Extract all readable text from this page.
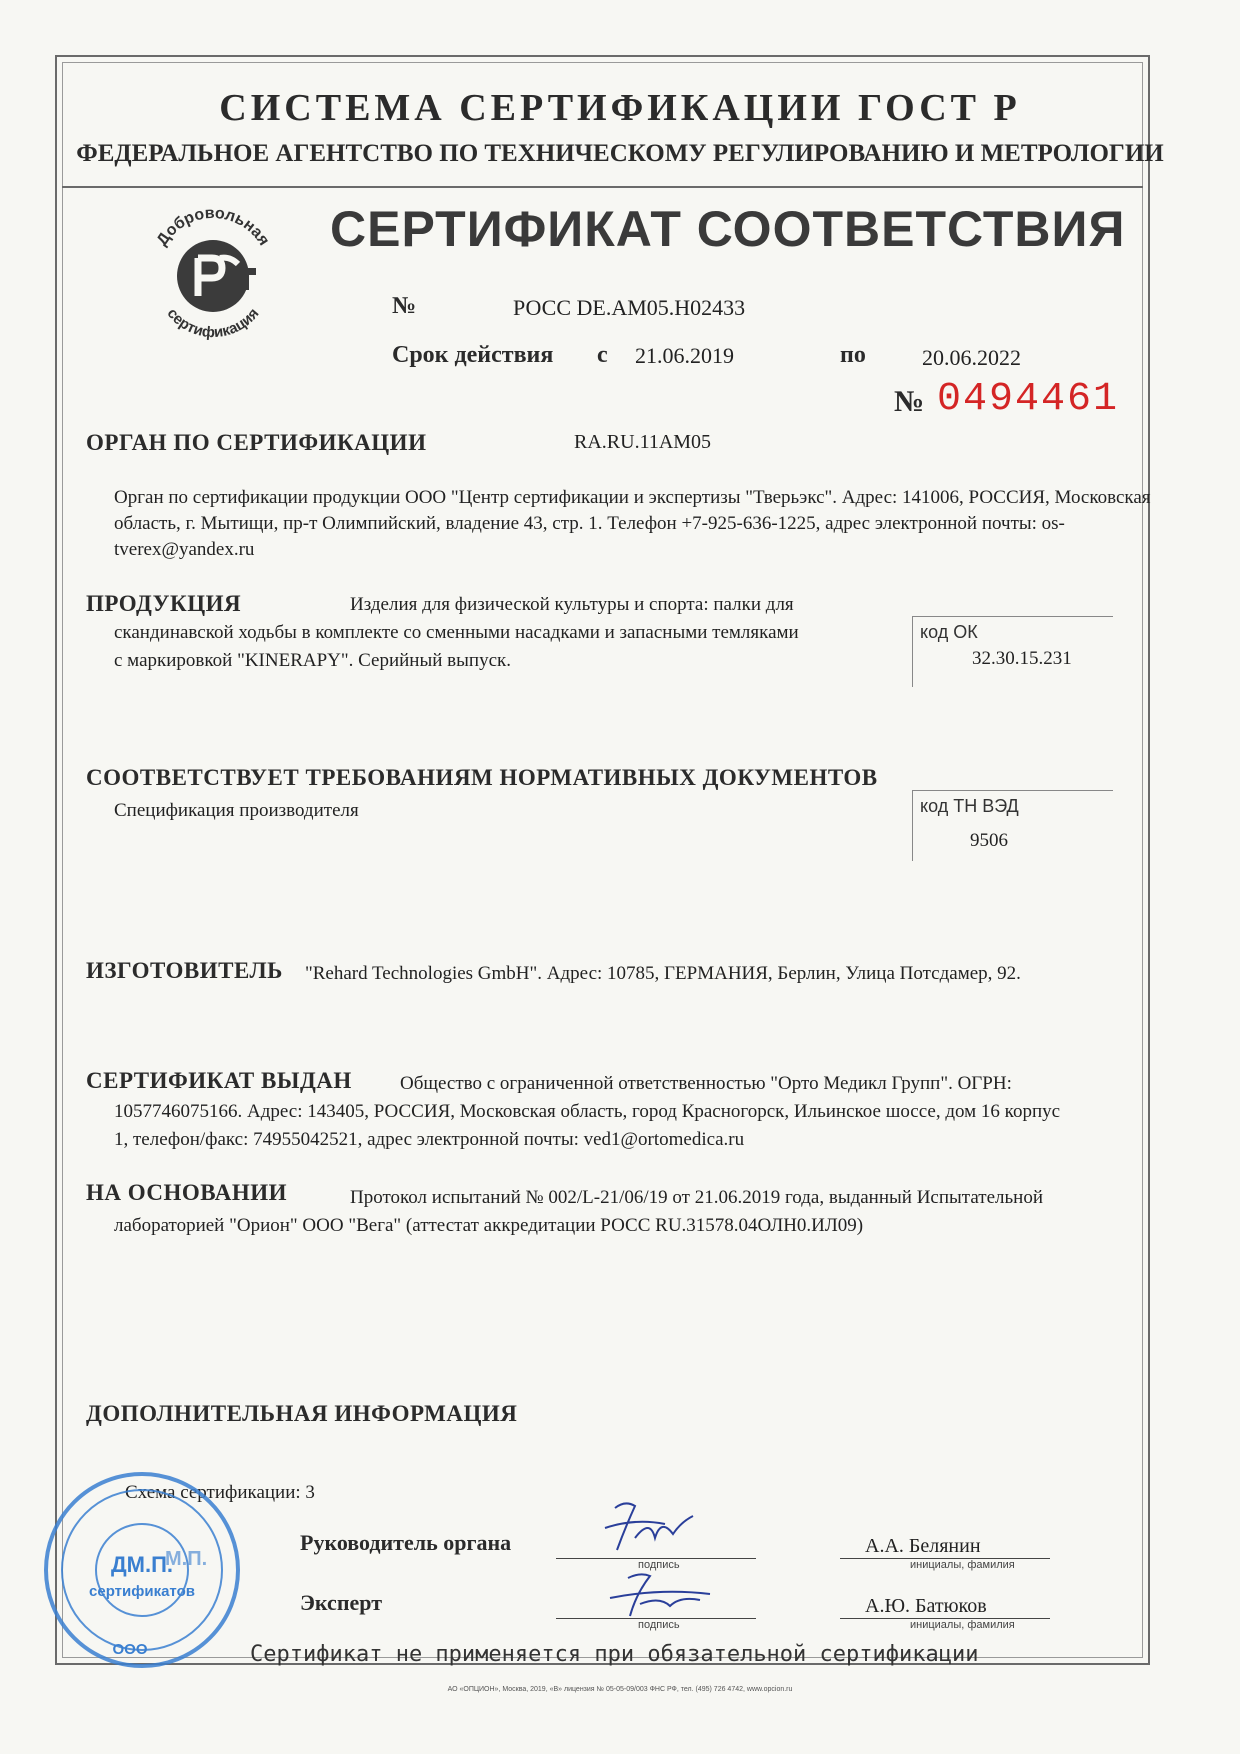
СИСТЕМА СЕРТИФИКАЦИИ ГОСТ Р
ФЕДЕРАЛЬНОЕ АГЕНТСТВО ПО ТЕХНИЧЕСКОМУ РЕГУЛИРОВАНИЮ И МЕТРОЛОГИИ
Добровольная
сертификация
СЕРТИФИКАТ СООТВЕТСТВИЯ
№	РОСС DE.АМ05.Н02433
Срок действия с 21.06.2019	по	20.06.2022
№ 0494461
ОРГАН ПО СЕРТИФИКАЦИИ	RA.RU.11АМ05
Орган по сертификации продукции ООО "Центр сертификации и экспертизы "Тверьэкс". Адрес: 141006, РОССИЯ, Московская область, г. Мытищи, пр-т Олимпийский, владение 43, стр. 1. Телефон +7-925-636-1225, адрес электронной почты: os-tverex@yandex.ru
ПРОДУКЦИЯ	Изделия для физической культуры и спорта: палки для
скандинавской ходьбы в комплекте со сменными насадками и запасными темляками
с маркировкой "KINERAPY". Серийный выпуск.
код ОК
32.30.15.231
СООТВЕТСТВУЕТ ТРЕБОВАНИЯМ НОРМАТИВНЫХ ДОКУМЕНТОВ
Спецификация производителя	код ТН ВЭД
9506
ИЗГОТОВИТЕЛЬ "Rehard Technologies GmbH". Адрес: 10785, ГЕРМАНИЯ, Берлин, Улица Потсдамер, 92.
СЕРТИФИКАТ ВЫДАН	Общество с ограниченной ответственностью "Орто Медикл Групп". ОГРН:
1057746075166. Адрес: 143405, РОССИЯ, Московская область, город Красногорск, Ильинское шоссе, дом 16 корпус
1, телефон/факс: 74955042521, адрес электронной почты: ved1@ortomedica.ru
НА ОСНОВАНИИ	Протокол испытаний № 002/L-21/06/19 от 21.06.2019 года, выданный Испытательной
лабораторией "Орион" ООО "Вега" (аттестат аккредитации РОСС RU.31578.04ОЛН0.ИЛ09)
ДОПОЛНИТЕЛЬНАЯ ИНФОРМАЦИЯ
Схема сертификации: 3
Руководитель органа
подпись
А.А. Белянин
инициалы, фамилия
Эксперт
подпись
А.Ю. Батюков
инициалы, фамилия
ДМ.П.
сертификатов
ООО
М.П.
Сертификат не применяется при обязательной сертификации
АО «ОПЦИОН», Москва, 2019, «В» лицензия № 05-05-09/003 ФНС РФ, тел. (495) 726 4742, www.opcion.ru
